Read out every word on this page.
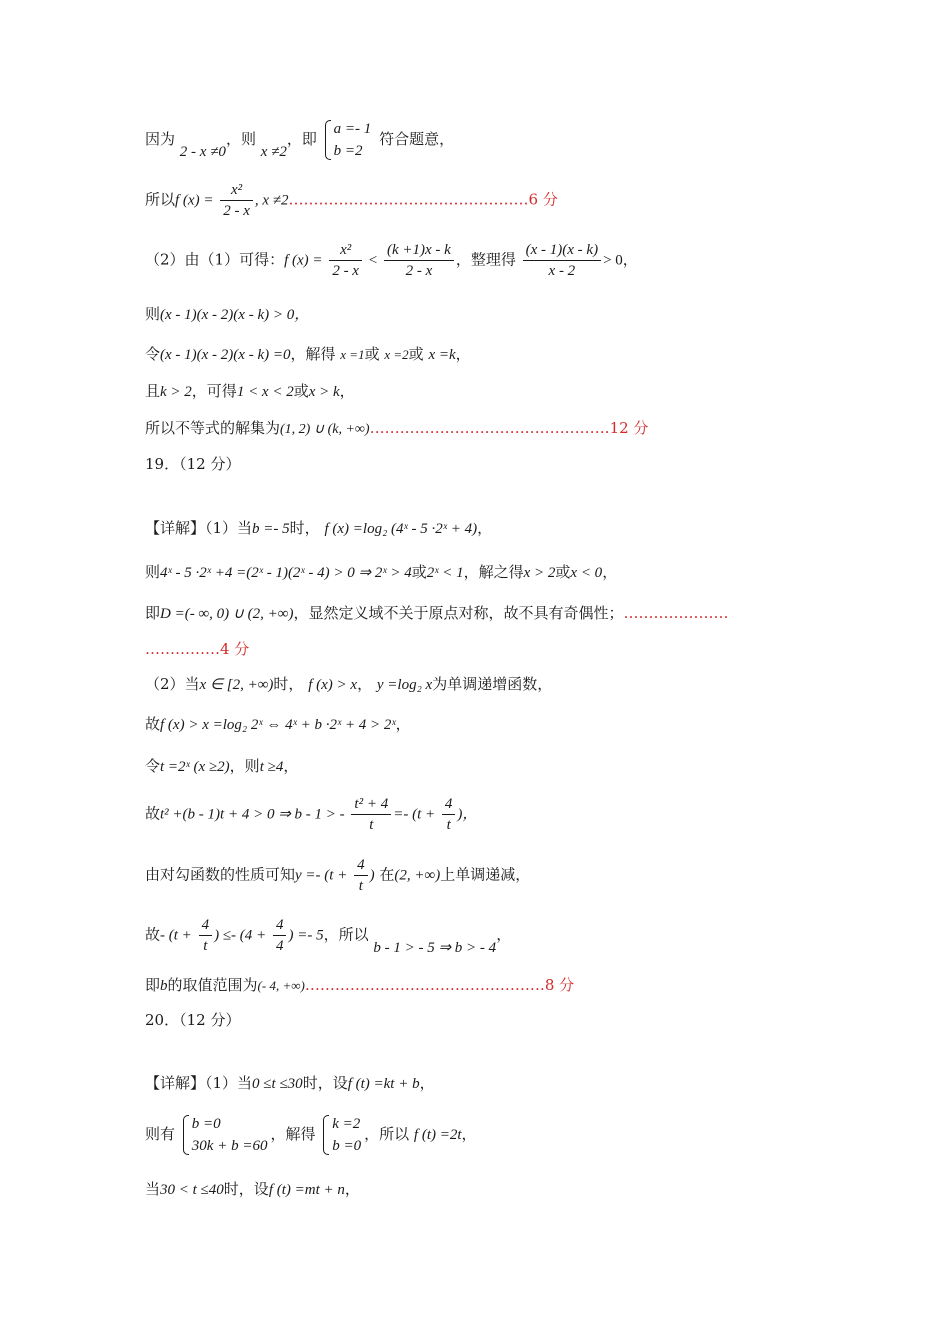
因为 2 - x ≠0，则 x ≠2，即
a =- 1
b =2
符合题意，
所以f $(x) = \frac{\text{x²}}{2 - x}$ , x ≠2…………………………………………6 分
（2）由（1）可得：f $(x) = \frac{\text{x²}}{2 - x} < \frac{(k +1)x - k}{2 - x}$ ，整理得 $\frac{(x - 1)(x - k)}{x - 2} > 0$，
则(x - 1)(x - 2)(x - k) > 0，
令(x - 1)(x - 2)(x - k) =0，解得 x =1或 x =2或 x =k，
且k > 2，可得1 < x < 2或x > k，
所以不等式的解集为(1, 2) ∪ (k, +∞)…………………………………………12 分
19．（12 分）
【详解】（1）当b =- 5时， f (x) =log₂ (4ˣ - 5 ·2ˣ + 4)，
则4ˣ - 5 ·2ˣ +4 =(2ˣ - 1)(2ˣ - 4) > 0 ⇒ 2ˣ > 4或2ˣ < 1，解之得x > 2或x < 0，
即D =(- ∞, 0) ∪ (2, +∞)，显然定义域不关于原点对称，故不具有奇偶性；…………………
……………4 分
（2）当x ∈ [2, +∞)时， f (x) > x， y =log₂ x为单调递增函数，
故f (x) > x =log₂ 2ˣ ⇔ 4ˣ + b ·2ˣ + 4 > 2ˣ，
令t =2ˣ (x ≥2)，则t ≥4，
故t² +(b - 1)t + 4 > 0 ⇒ b - 1 > - $\frac{\text{t² + 4}}{t} =- (t + \frac{4}{t}$ )，
由对勾函数的性质可知$y =- (t + \frac{4}{t}$ ) 在(2, +∞)上单调递减，
故- ($t + \frac{4}{t}$ ) ≤- ($4 + \frac{4}{4}$ ) =- 5，所以 b - 1 > - 5 ⇒ b > - 4，
即b的取值范围为(- 4, +∞)…………………………………………8 分
20．（12 分）
【详解】（1）当0 ≤t ≤30时，设f (t) =kt + b，
则有
b =0
30k + b =60
，解得
k =2
b =0
，所以 f (t) =2t，
当30 < t ≤40时，设f (t) =mt + n，
